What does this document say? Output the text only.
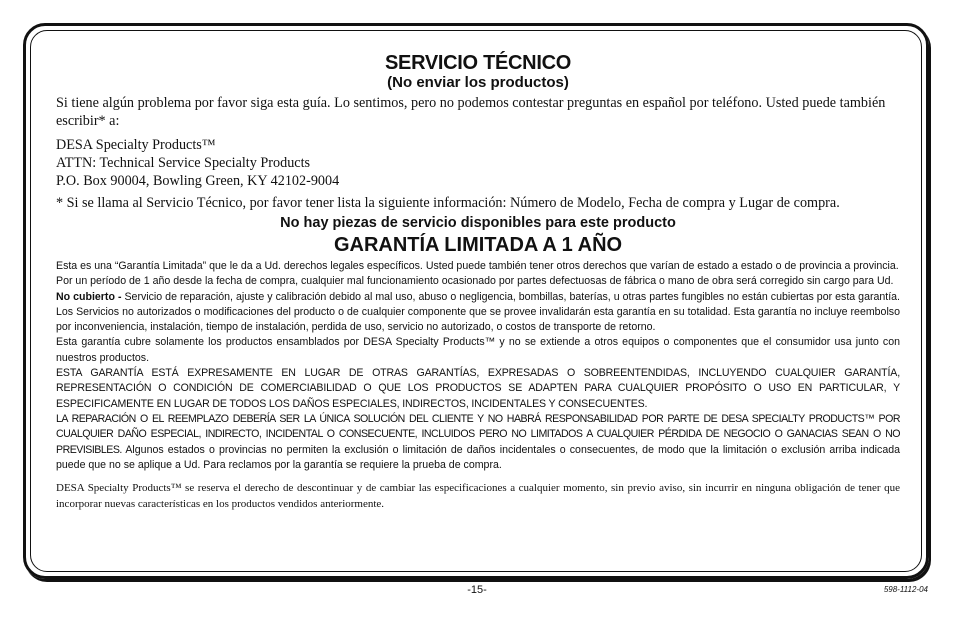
SERVICIO TÉCNICO

(No enviar los productos)

Si tiene algún problema por favor siga esta guía. Lo sentimos, pero no podemos contestar preguntas en español por teléfono. Usted puede también escribir* a:

DESA Specialty Products™

ATTN: Technical Service Specialty Products

P.O. Box 90004, Bowling Green, KY 42102-9004

* Si se llama al Servicio Técnico, por favor tener lista la siguiente información: Número de Modelo, Fecha de compra y Lugar de compra.

No hay piezas de servicio disponibles para este producto

GARANTÍA LIMITADA A 1 AÑO

Esta es una “Garantía Limitada” que le da a Ud. derechos legales específicos. Usted puede también tener otros derechos que varían de estado a estado o de provincia a provincia.

Por un período de 1 año desde la fecha de compra, cualquier mal funcionamiento ocasionado por partes defectuosas de fábrica o mano de obra será corregido sin cargo para Ud.

No cubierto - Servicio de reparación, ajuste y calibración debido al mal uso, abuso o negligencia, bombillas, baterías, u otras partes fungibles no están cubiertas por esta garantía. Los Servicios no autorizados o modificaciones del producto o de cualquier componente que se provee invalidarán esta garantía en su totalidad. Esta garantía no incluye reembolso por inconveniencia, instalación, tiempo de instalación, perdida de uso, servicio no autorizado, o costos de transporte de retorno.

Esta garantía cubre solamente los productos ensamblados por DESA Specialty Products™ y no se extiende a otros equipos o componentes que el consumidor usa junto con nuestros productos.

ESTA GARANTÍA ESTÁ EXPRESAMENTE EN LUGAR DE OTRAS GARANTÍAS, EXPRESADAS O SOBREENTENDIDAS, INCLUYENDO CUALQUIER GARANTÍA, REPRESENTACIÓN O CONDICIÓN DE COMERCIABILIDAD O QUE LOS PRODUCTOS SE ADAPTEN PARA CUALQUIER PROPÓSITO O USO EN PARTICULAR, Y ESPECIFICAMENTE EN LUGAR DE TODOS LOS DAÑOS ESPECIALES, INDIRECTOS, INCIDENTALES Y CONSECUENTES.

LA REPARACIÓN O EL REEMPLAZO DEBERÍA SER LA ÚNICA SOLUCIÓN DEL CLIENTE Y NO HABRÁ RESPONSABILIDAD POR PARTE DE DESA SPECIALTY PRODUCTS™ POR CUALQUIER DAÑO ESPECIAL, INDIRECTO, INCIDENTAL O CONSECUENTE, INCLUIDOS PERO NO LIMITADOS A CUALQUIER PÉRDIDA DE NEGOCIO O GANACIAS SEAN O NO PREVISIBLES. Algunos estados o provincias no permiten la exclusión o limitación de daños incidentales o consecuentes, de modo que la limitación o exclusión arriba indicada puede que no se aplique a Ud. Para reclamos por la garantía se requiere la prueba de compra.

DESA Specialty Products™ se reserva el derecho de descontinuar y de cambiar las especificaciones a cualquier momento, sin previo aviso, sin incurrir en ninguna obligación de tener que incorporar nuevas características en los productos vendidos anteriormente.

-15-	598-1112-04
